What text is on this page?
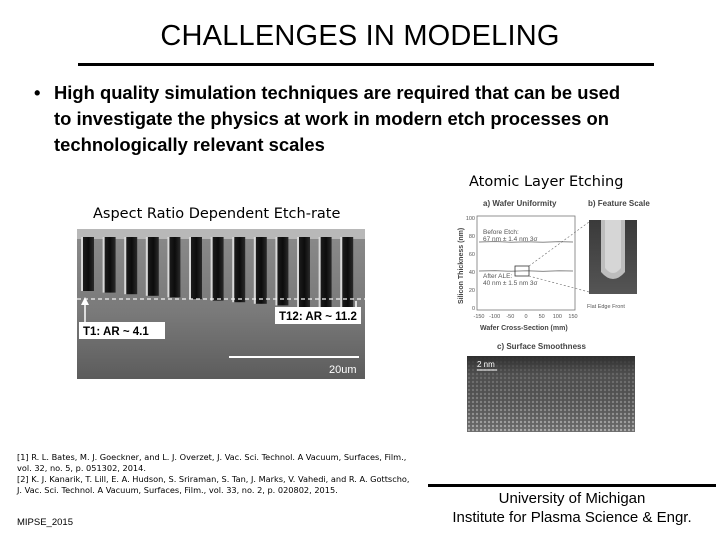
CHALLENGES IN MODELING
• High quality simulation techniques are required that can be used to investigate the physics at work in modern etch processes on technologically relevant scales
Atomic Layer Etching
Aspect Ratio Dependent Etch-rate
T1: AR ~ 4.1
T12: AR ~ 11.2
20um
a) Wafer Uniformity	b) Feature Scale
Silicon Thickness (nm)
100
80
60
40
20
0
-150 -100 -50 0 50 100 150
Before Etch:
67 nm ± 1.4 nm 3σ
After ALE:
40 nm ± 1.5 nm 3σ
Wafer Cross-Section (mm)
Flat Edge Front
c) Surface Smoothness
2 nm
[1] R. L. Bates, M. J. Goeckner, and L. J. Overzet, J. Vac. Sci. Technol. A Vacuum, Surfaces, Film., vol. 32, no. 5, p. 051302, 2014.
[2] K. J. Kanarik, T. Lill, E. A. Hudson, S. Sriraman, S. Tan, J. Marks, V. Vahedi, and R. A. Gottscho, J. Vac. Sci. Technol. A Vacuum, Surfaces, Film., vol. 33, no. 2, p. 020802, 2015.
MIPSE_2015
University of Michigan
Institute for Plasma Science & Engr.
